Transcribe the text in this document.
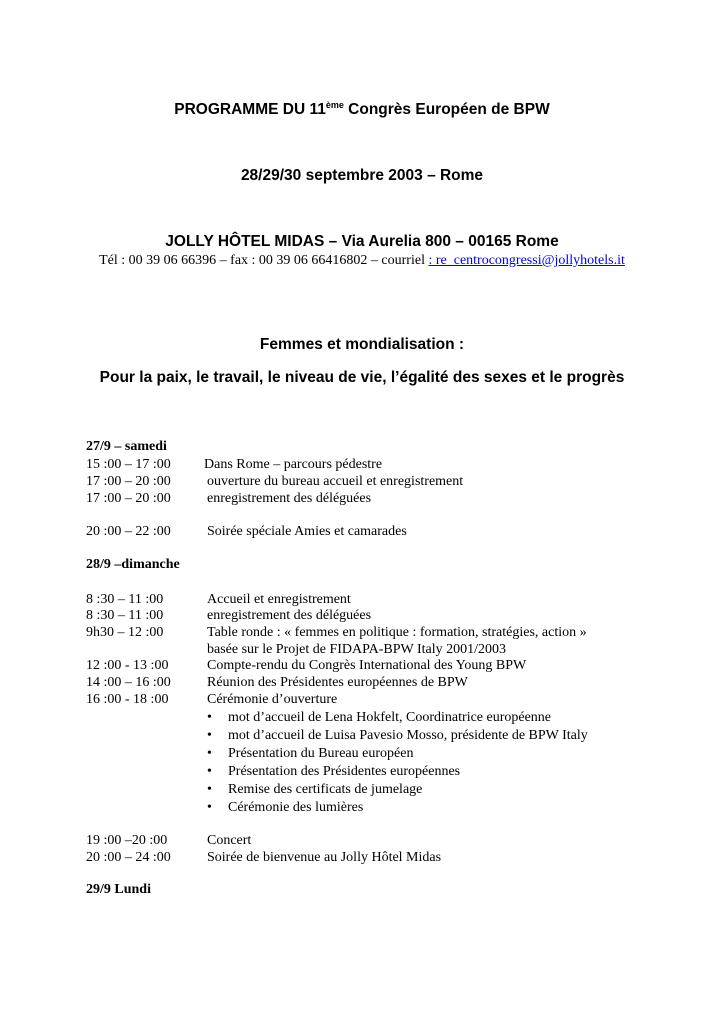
PROGRAMME DU 11ème Congrès Européen de BPW
28/29/30 septembre 2003 – Rome
JOLLY HÔTEL MIDAS – Via Aurelia 800 – 00165 Rome
Tél : 00 39 06 66396 – fax : 00 39 06 66416802 – courriel : re_centrocongressi@jollyhotels.it
Femmes et mondialisation :
Pour la paix, le travail, le niveau de vie, l’égalité des sexes et le progrès
27/9 – samedi
15 :00 – 17 :00 Dans Rome – parcours pédestre
17 :00 – 20 :00	ouverture du bureau accueil et enregistrement
17 :00 – 20 :00	enregistrement des déléguées
20 :00 – 22 :00	Soirée spéciale Amies et camarades
28/9 –dimanche
8 :30 – 11 :00	Accueil et enregistrement
8 :30 – 11 :00	enregistrement des déléguées
9h30 – 12 :00	Table ronde : « femmes en politique : formation, stratégies, action »
basée sur le Projet de FIDAPA-BPW Italy 2001/2003
12 :00 - 13 :00	Compte-rendu du Congrès International des Young BPW
14 :00 – 16 :00	Réunion des Présidentes européennes de BPW
16 :00 - 18 :00	Cérémonie d’ouverture
• mot d’accueil de Lena Hokfelt, Coordinatrice européenne
• mot d’accueil de Luisa Pavesio Mosso, présidente de BPW Italy
• Présentation du Bureau européen
• Présentation des Présidentes européennes
• Remise des certificats de jumelage
• Cérémonie des lumières
19 :00 –20 :00	Concert
20 :00 – 24 :00	Soirée de bienvenue au Jolly Hôtel Midas
29/9 Lundi
